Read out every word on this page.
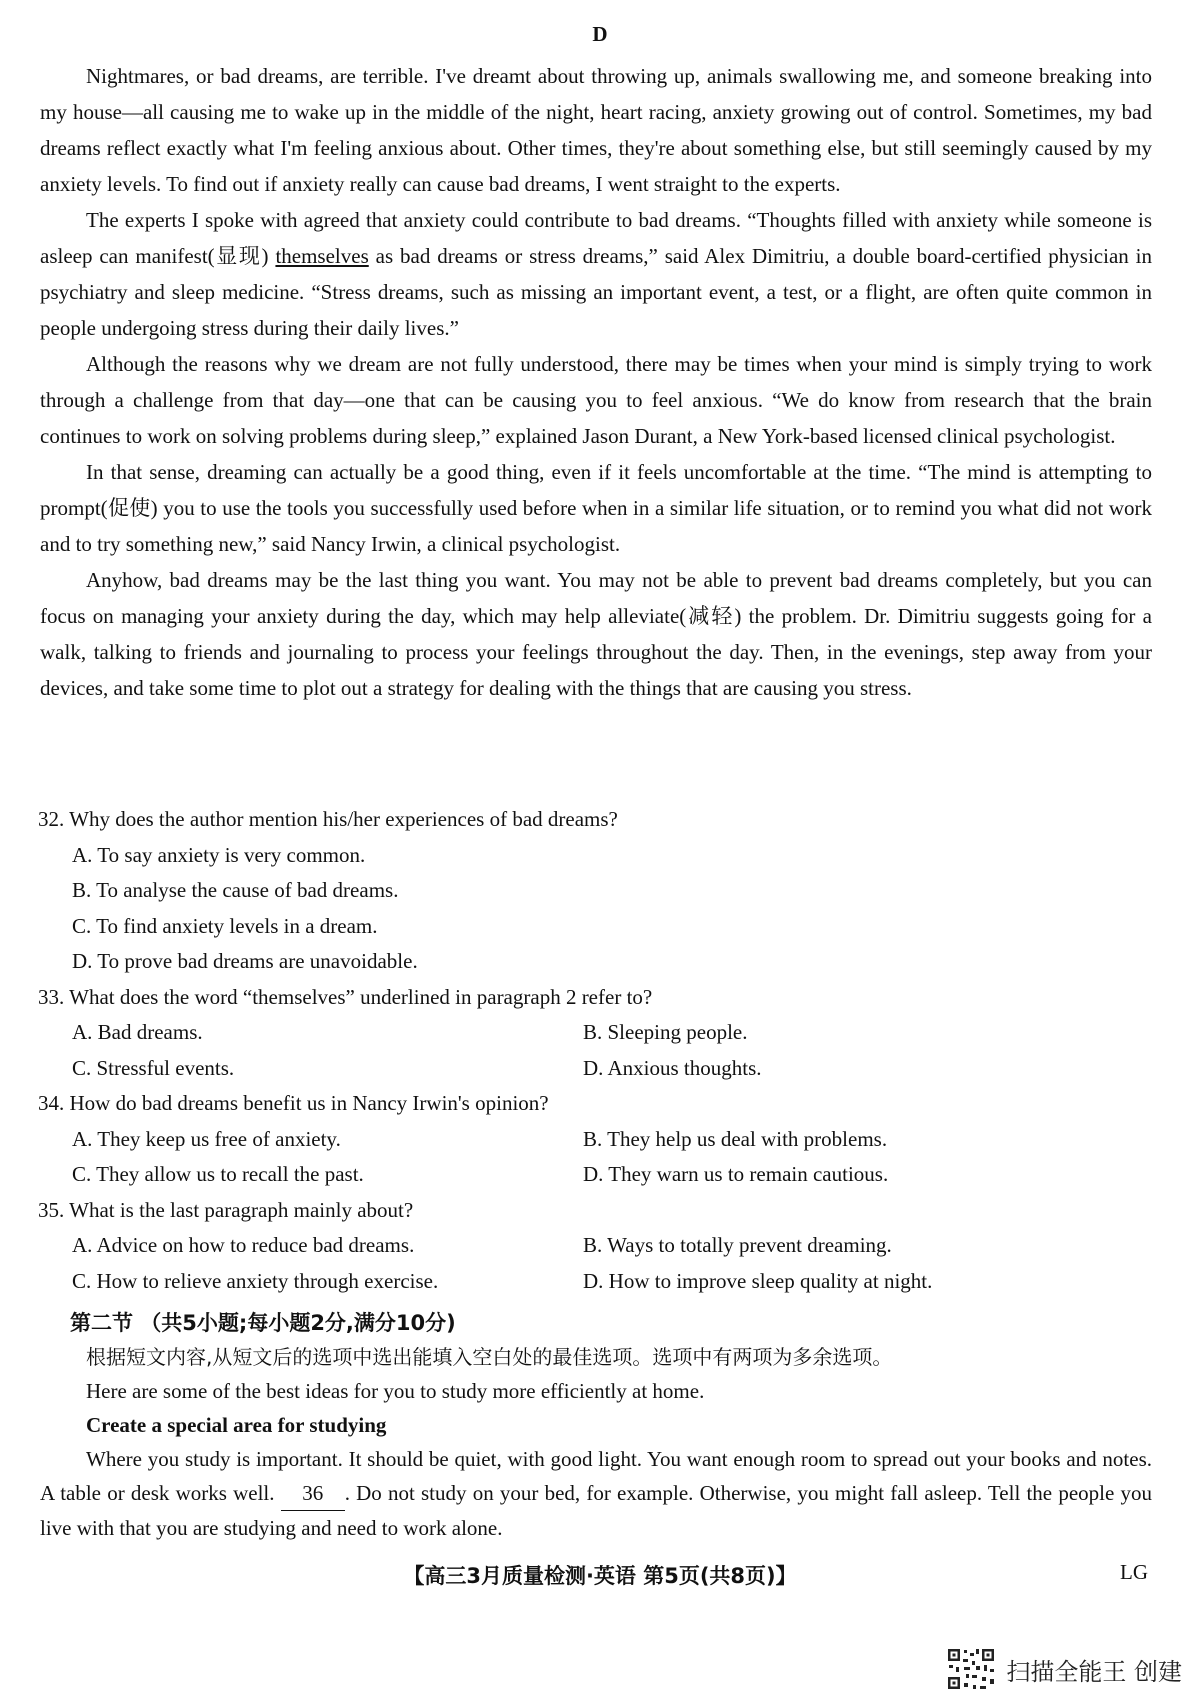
D

Nightmares, or bad dreams, are terrible. I've dreamt about throwing up, animals swallowing me, and someone breaking into my house—all causing me to wake up in the middle of the night, heart racing, anxiety growing out of control. Sometimes, my bad dreams reflect exactly what I'm feeling anxious about. Other times, they're about something else, but still seemingly caused by my anxiety levels. To find out if anxiety really can cause bad dreams, I went straight to the experts.

The experts I spoke with agreed that anxiety could contribute to bad dreams. “Thoughts filled with anxiety while someone is asleep can manifest(显现) themselves as bad dreams or stress dreams,” said Alex Dimitriu, a double board-certified physician in psychiatry and sleep medicine. “Stress dreams, such as missing an important event, a test, or a flight, are often quite common in people undergoing stress during their daily lives.”

Although the reasons why we dream are not fully understood, there may be times when your mind is simply trying to work through a challenge from that day—one that can be causing you to feel anxious. “We do know from research that the brain continues to work on solving problems during sleep,” explained Jason Durant, a New York-based licensed clinical psychologist.

In that sense, dreaming can actually be a good thing, even if it feels uncomfortable at the time. “The mind is attempting to prompt(促使) you to use the tools you successfully used before when in a similar life situation, or to remind you what did not work and to try something new,” said Nancy Irwin, a clinical psychologist.

Anyhow, bad dreams may be the last thing you want. You may not be able to prevent bad dreams completely, but you can focus on managing your anxiety during the day, which may help alleviate(减轻) the problem. Dr. Dimitriu suggests going for a walk, talking to friends and journaling to process your feelings throughout the day. Then, in the evenings, step away from your devices, and take some time to plot out a strategy for dealing with the things that are causing you stress.

32. Why does the author mention his/her experiences of bad dreams?

A. To say anxiety is very common.

B. To analyse the cause of bad dreams.

C. To find anxiety levels in a dream.

D. To prove bad dreams are unavoidable.

33. What does the word “themselves” underlined in paragraph 2 refer to?

A. Bad dreams.	B. Sleeping people.
C. Stressful events.	D. Anxious thoughts.

34. How do bad dreams benefit us in Nancy Irwin's opinion?

A. They keep us free of anxiety.	B. They help us deal with problems.
C. They allow us to recall the past.	D. They warn us to remain cautious.

35. What is the last paragraph mainly about?

A. Advice on how to reduce bad dreams.	B. Ways to totally prevent dreaming.
C. How to relieve anxiety through exercise.	D. How to improve sleep quality at night.

第二节 （共5小题;每小题2分,满分10分)

根据短文内容,从短文后的选项中选出能填入空白处的最佳选项。选项中有两项为多余选项。

Here are some of the best ideas for you to study more efficiently at home.

Create a special area for studying

Where you study is important. It should be quiet, with good light. You want enough room to spread out your books and notes. A table or desk works well. 36 . Do not study on your bed, for example. Otherwise, you might fall asleep. Tell the people you live with that you are studying and need to work alone.

【高三3月质量检测·英语 第5页(共8页)】	LG
扫描全能王 创建
